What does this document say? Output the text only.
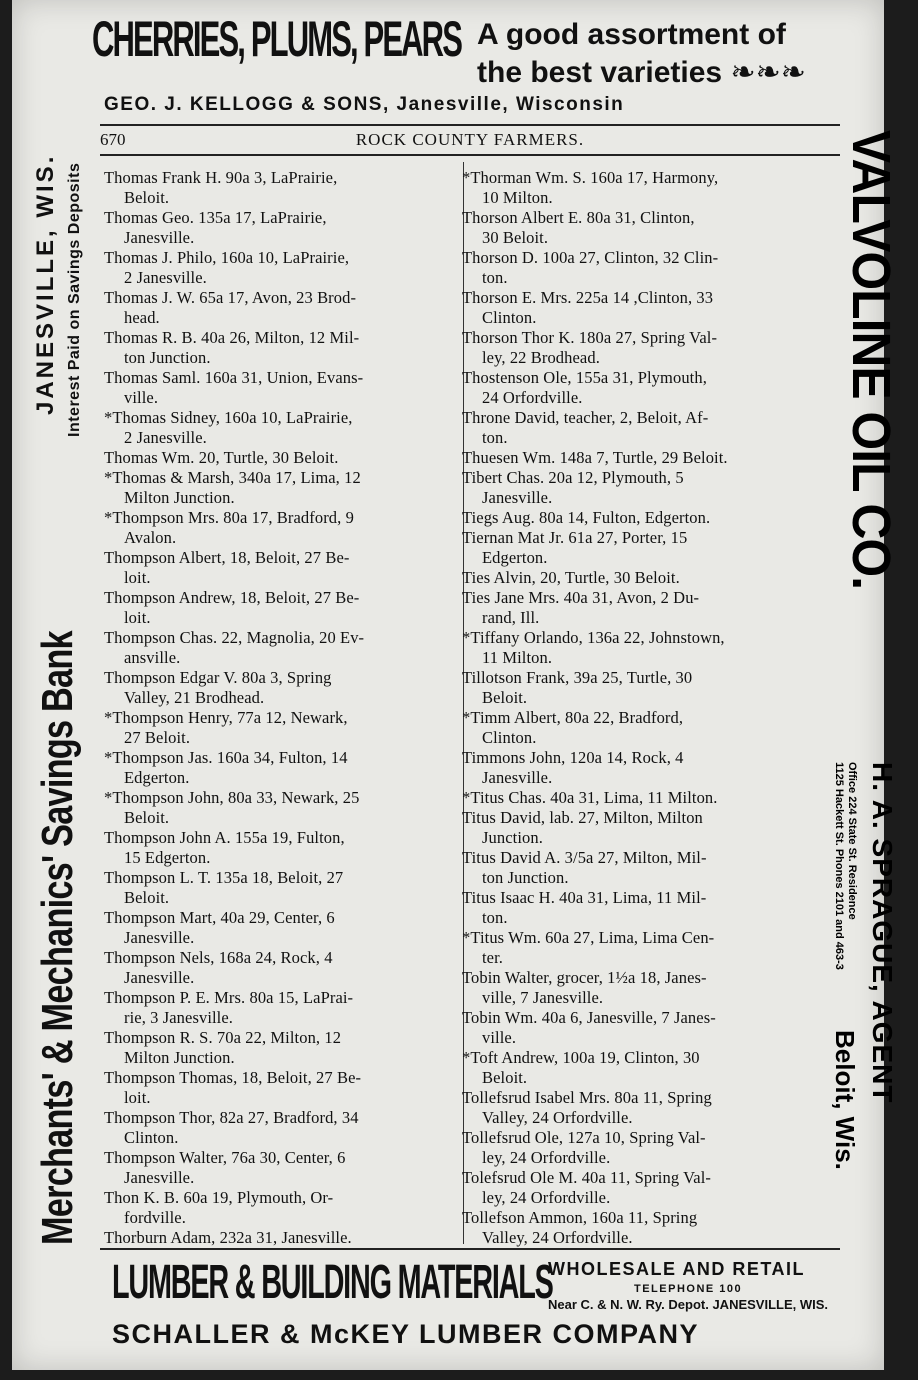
CHERRIES, PLUMS, PEARS A good assortment of
the best varieties ❧❧❧
GEO. J. KELLOGG & SONS, Janesville, Wisconsin
670	ROCK COUNTY FARMERS.
Merchants' & Mechanics' Savings Bank
JANESVILLE, WIS. Interest Paid on Savings Deposits Thomas Frank H. 90a 3, LaPrairie,
Beloit.
Thomas Geo. 135a 17, LaPrairie,
Janesville.
Thomas J. Philo, 160a 10, LaPrairie,
2 Janesville.
Thomas J. W. 65a 17, Avon, 23 Brod-
head.
Thomas R. B. 40a 26, Milton, 12 Mil-
ton Junction.
Thomas Saml. 160a 31, Union, Evans-
ville.
*Thomas Sidney, 160a 10, LaPrairie,
2 Janesville.
Thomas Wm. 20, Turtle, 30 Beloit.
*Thomas & Marsh, 340a 17, Lima, 12
Milton Junction.
*Thompson Mrs. 80a 17, Bradford, 9
Avalon.
Thompson Albert, 18, Beloit, 27 Be-
loit.
Thompson Andrew, 18, Beloit, 27 Be-
loit.
Thompson Chas. 22, Magnolia, 20 Ev-
ansville.
Thompson Edgar V. 80a 3, Spring
Valley, 21 Brodhead.
*Thompson Henry, 77a 12, Newark,
27 Beloit.
*Thompson Jas. 160a 34, Fulton, 14
Edgerton.
*Thompson John, 80a 33, Newark, 25
Beloit.
Thompson John A. 155a 19, Fulton,
15 Edgerton.
Thompson L. T. 135a 18, Beloit, 27
Beloit.
Thompson Mart, 40a 29, Center, 6
Janesville.
Thompson Nels, 168a 24, Rock, 4
Janesville.
Thompson P. E. Mrs. 80a 15, LaPrai-
rie, 3 Janesville.
Thompson R. S. 70a 22, Milton, 12
Milton Junction.
Thompson Thomas, 18, Beloit, 27 Be-
loit.
Thompson Thor, 82a 27, Bradford, 34
Clinton.
Thompson Walter, 76a 30, Center, 6
Janesville.
Thon K. B. 60a 19, Plymouth, Or-
fordville.
Thorburn Adam, 232a 31, Janesville.
*Thorman Wm. S. 160a 17, Harmony,
10 Milton.
Thorson Albert E. 80a 31, Clinton,
30 Beloit.
Thorson D. 100a 27, Clinton, 32 Clin-
ton.
Thorson E. Mrs. 225a 14 ,Clinton, 33
Clinton.
Thorson Thor K. 180a 27, Spring Val-
ley, 22 Brodhead.
Thostenson Ole, 155a 31, Plymouth,
24 Orfordville.
Throne David, teacher, 2, Beloit, Af-
ton.
Thuesen Wm. 148a 7, Turtle, 29 Beloit.
Tibert Chas. 20a 12, Plymouth, 5
Janesville.
Tiegs Aug. 80a 14, Fulton, Edgerton.
Tiernan Mat Jr. 61a 27, Porter, 15
Edgerton.
Ties Alvin, 20, Turtle, 30 Beloit.
Ties Jane Mrs. 40a 31, Avon, 2 Du-
rand, Ill.
*Tiffany Orlando, 136a 22, Johnstown,
11 Milton.
Tillotson Frank, 39a 25, Turtle, 30
Beloit.
*Timm Albert, 80a 22, Bradford,
Clinton.
Timmons John, 120a 14, Rock, 4
Janesville.
*Titus Chas. 40a 31, Lima, 11 Milton.
Titus David, lab. 27, Milton, Milton
Junction.
Titus David A. 3/5a 27, Milton, Mil-
ton Junction.
Titus Isaac H. 40a 31, Lima, 11 Mil-
ton.
*Titus Wm. 60a 27, Lima, Lima Cen-
ter.
Tobin Walter, grocer, 1½a 18, Janes-
ville, 7 Janesville.
Tobin Wm. 40a 6, Janesville, 7 Janes-
ville.
*Toft Andrew, 100a 19, Clinton, 30
Beloit.
Tollefsrud Isabel Mrs. 80a 11, Spring
Valley, 24 Orfordville.
Tollefsrud Ole, 127a 10, Spring Val-
ley, 24 Orfordville.
Tolefsrud Ole M. 40a 11, Spring Val-
ley, 24 Orfordville.
Tollefson Ammon, 160a 11, Spring
Valley, 24 Orfordville.
LUMBER & BUILDING MATERIALS
WHOLESALE AND RETAIL
TELEPHONE 100
Near C. & N. W. Ry. Depot. JANESVILLE, WIS.
SCHALLER & McKEY LUMBER COMPANY
VALVOLINE OIL CO.
H. A. SPRAGUE, AGENT
Office 224 State St. Residence
1125 Hackett St. Phones 2101 and 463-3
Beloit, Wis.
